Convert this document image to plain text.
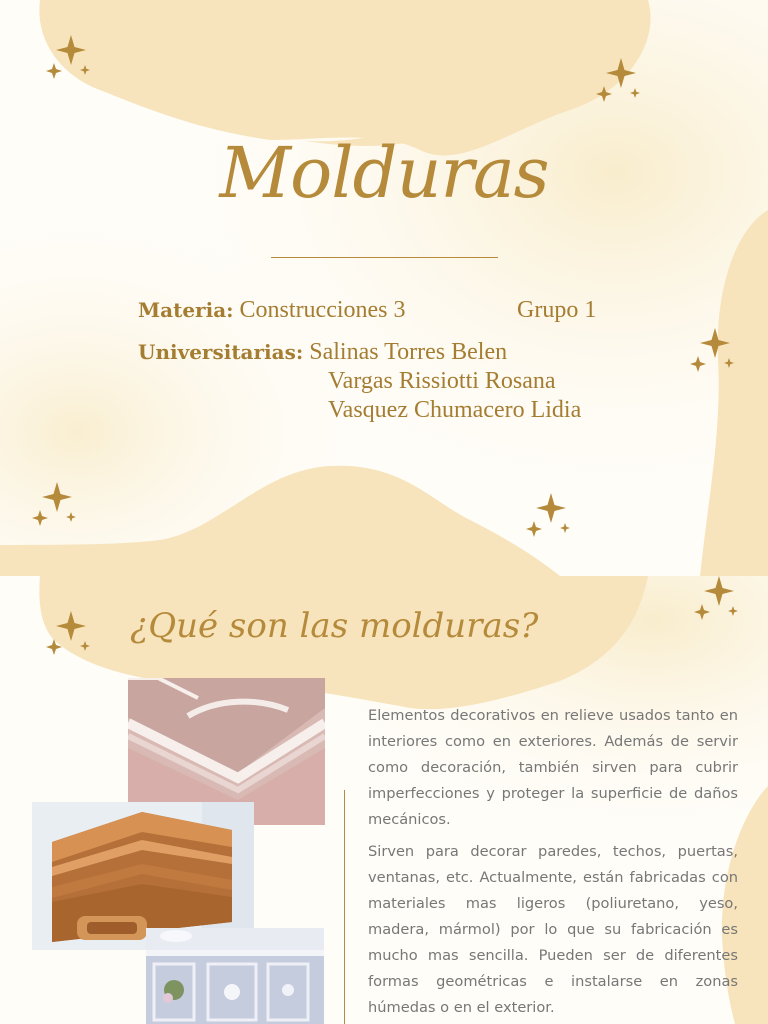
Molduras
Materia: Construcciones 3	Grupo 1
Universitarias: Salinas Torres Belen
Vargas Rissiotti Rosana
Vasquez Chumacero Lidia
¿Qué son las molduras?

Elementos decorativos en relieve usados tanto en interiores como en exteriores. Además de servir como decoración, también sirven para cubrir imperfecciones y proteger la superficie de daños mecánicos.

Sirven para decorar paredes, techos, puertas, ventanas, etc. Actualmente, están fabricadas con materiales mas ligeros (poliuretano, yeso, madera, mármol) por lo que su fabricación es mucho mas sencilla. Pueden ser de diferentes formas geométricas e instalarse en zonas húmedas o en el exterior.
